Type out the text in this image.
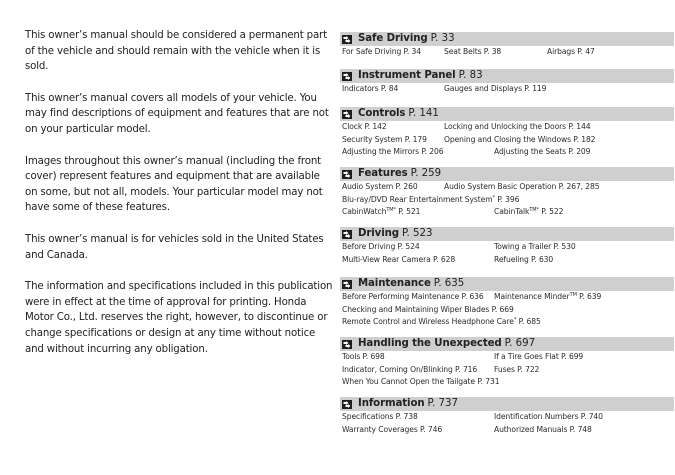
This owner’s manual should be considered a permanent part of the vehicle and should remain with the vehicle when it is sold.

This owner’s manual covers all models of your vehicle. You may find descriptions of equipment and features that are not on your particular model.

Images throughout this owner’s manual (including the front cover) represent features and equipment that are available on some, but not all, models. Your particular model may not have some of these features.

This owner’s manual is for vehicles sold in the United States and Canada.

The information and specifications included in this publication were in effect at the time of approval for printing. Honda Motor Co., Ltd. reserves the right, however, to discontinue or change specifications or design at any time without notice and without incurring any obligation.

Safe Driving P. 33
For Safe Driving P. 34	Seat Belts P. 38	Airbags P. 47
Instrument Panel P. 83
Indicators P. 84	Gauges and Displays P. 119
Controls P. 141
Clock P. 142	Locking and Unlocking the Doors P. 144
Security System P. 179 Opening and Closing the Windows P. 182
Adjusting the Mirrors P. 206	Adjusting the Seats P. 209
Features P. 259
Audio System P. 260	Audio System Basic Operation P. 267, 285
Blu-ray/DVD Rear Entertainment System* P. 396
CabinWatch$^{TM*}$ P. 521	CabinTalk$^{TM*}$ P. 522
Driving P. 523
Before Driving P. 524	Towing a Trailer P. 530
Multi-View Rear Camera P. 628	Refueling P. 630
Maintenance P. 635
Before Performing Maintenance P. 636 Maintenance Minder™ P. 639
Checking and Maintaining Wiper Blades P. 669
Remote Control and Wireless Headphone Care* P. 685
Handling the Unexpected P. 697
Tools P. 698	If a Tire Goes Flat P. 699
Indicator, Coming On/Blinking P. 716 Fuses P. 722
When You Cannot Open the Tailgate P. 731
Information P. 737
Specifications P. 738	Identification Numbers P. 740
Warranty Coverages P. 746	Authorized Manuals P. 748
